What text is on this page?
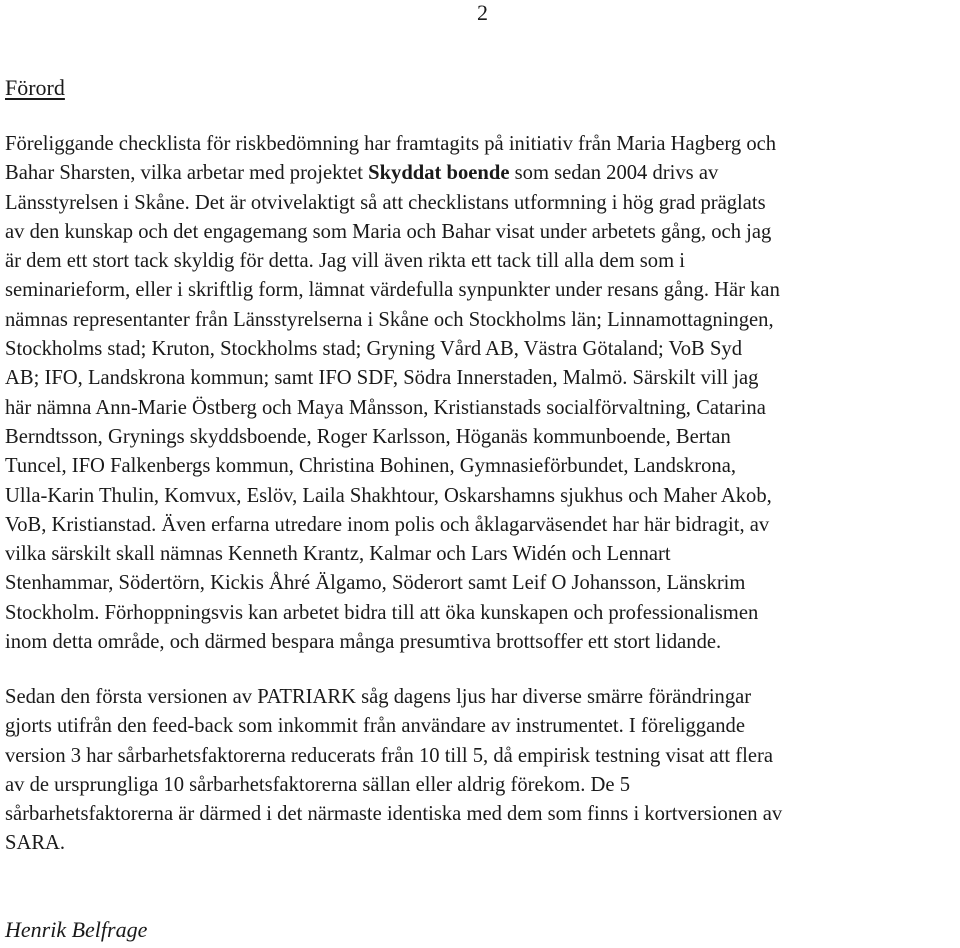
2
Förord

Föreliggande checklista för riskbedömning har framtagits på initiativ från Maria Hagberg och
Bahar Sharsten, vilka arbetar med projektet Skyddat boende som sedan 2004 drivs av
Länsstyrelsen i Skåne. Det är otvivelaktigt så att checklistans utformning i hög grad präglats
av den kunskap och det engagemang som Maria och Bahar visat under arbetets gång, och jag
är dem ett stort tack skyldig för detta. Jag vill även rikta ett tack till alla dem som i
seminarieform, eller i skriftlig form, lämnat värdefulla synpunkter under resans gång. Här kan
nämnas representanter från Länsstyrelserna i Skåne och Stockholms län; Linnamottagningen,
Stockholms stad; Kruton, Stockholms stad; Gryning Vård AB, Västra Götaland; VoB Syd
AB; IFO, Landskrona kommun; samt IFO SDF, Södra Innerstaden, Malmö. Särskilt vill jag
här nämna Ann-Marie Östberg och Maya Månsson, Kristianstads socialförvaltning, Catarina
Berndtsson, Grynings skyddsboende, Roger Karlsson, Höganäs kommunboende, Bertan
Tuncel, IFO Falkenbergs kommun, Christina Bohinen, Gymnasieförbundet, Landskrona,
Ulla-Karin Thulin, Komvux, Eslöv, Laila Shakhtour, Oskarshamns sjukhus och Maher Akob,
VoB, Kristianstad. Även erfarna utredare inom polis och åklagarväsendet har här bidragit, av
vilka särskilt skall nämnas Kenneth Krantz, Kalmar och Lars Widén och Lennart
Stenhammar, Södertörn, Kickis Åhré Älgamo, Söderort samt Leif O Johansson, Länskrim
Stockholm. Förhoppningsvis kan arbetet bidra till att öka kunskapen och professionalismen
inom detta område, och därmed bespara många presumtiva brottsoffer ett stort lidande.

Sedan den första versionen av PATRIARK såg dagens ljus har diverse smärre förändringar
gjorts utifrån den feed-back som inkommit från användare av instrumentet. I föreliggande
version 3 har sårbarhetsfaktorerna reducerats från 10 till 5, då empirisk testning visat att flera
av de ursprungliga 10 sårbarhetsfaktorerna sällan eller aldrig förekom. De 5
sårbarhetsfaktorerna är därmed i det närmaste identiska med dem som finns i kortversionen av
SARA.

Henrik Belfrage
